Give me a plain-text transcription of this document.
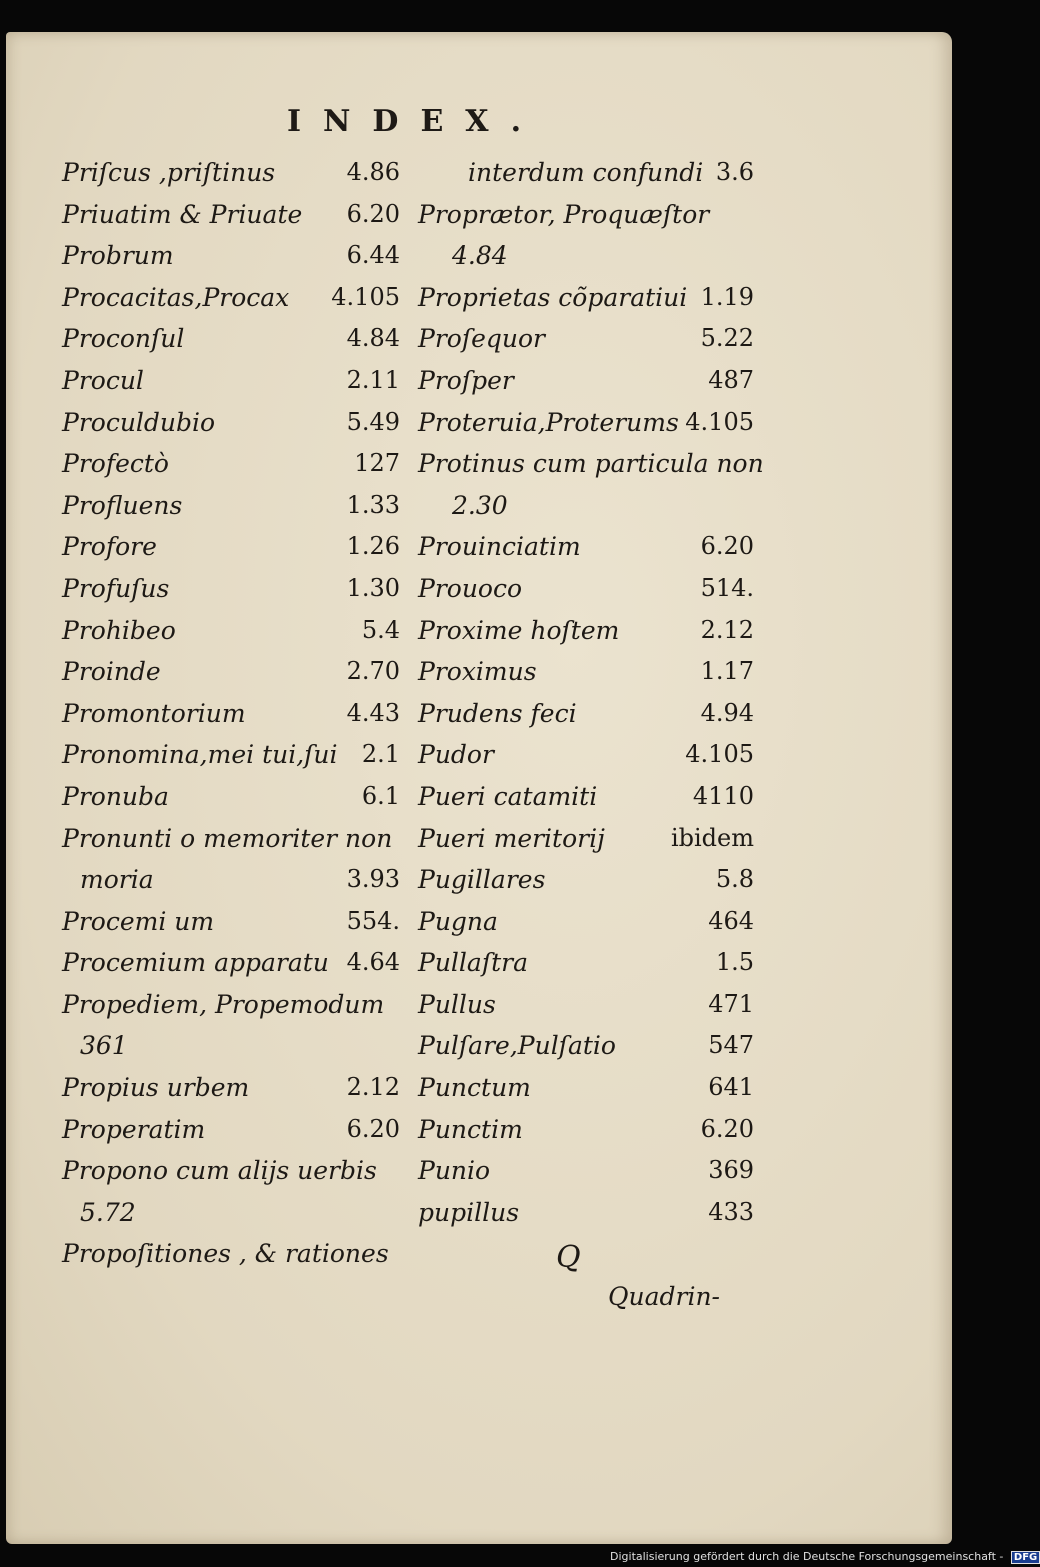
INDEX.
Priſcus ,priſtinus	4.86
Priuatim & Priuate 6.20
Probrum	6.44
Procacitas,Procax 4.105
Proconſul	4.84
Procul	2.11
Proculdubio	5.49
Profectò	127
Profluens	1.33
Profore	1.26
Profuſus	1.30
Prohibeo	5.4
Proinde	2.70
Promontorium	4.43
Pronomina,mei tui,ſui 2.1
Pronuba	6.1
Pronunti o memoriter non
moria	3.93
Procemi um	554.
Procemium apparatu 4.64
Propediem, Propemodum
361
Propius urbem	2.12
Properatim	6.20
Propono cum alijs uerbis
5.72
Propoſitiones , & rationes
interdum confundi 3.6
Proprætor, Proquæſtor
4.84
Proprietas cõparatiui 1.19
Proſequor	5.22
Proſper	487
Proteruia,Proterums 4.105
Protinus cum particula non
2.30
Prouinciatim	6.20
Prouoco	514.
Proxime hoſtem	2.12
Proximus	1.17
Prudens feci	4.94
Pudor	4.105
Pueri catamiti	4110
Pueri meritorij	ibidem
Pugillares	5.8
Pugna	464
Pullaſtra	1.5
Pullus	471
Pulſare,Pulſatio	547
Punctum	641
Punctim	6.20
Punio	369
pupillus	433
Q
Quadrin-
Digitalisierung gefördert durch die Deutsche Forschungsgemeinschaft - DFG
